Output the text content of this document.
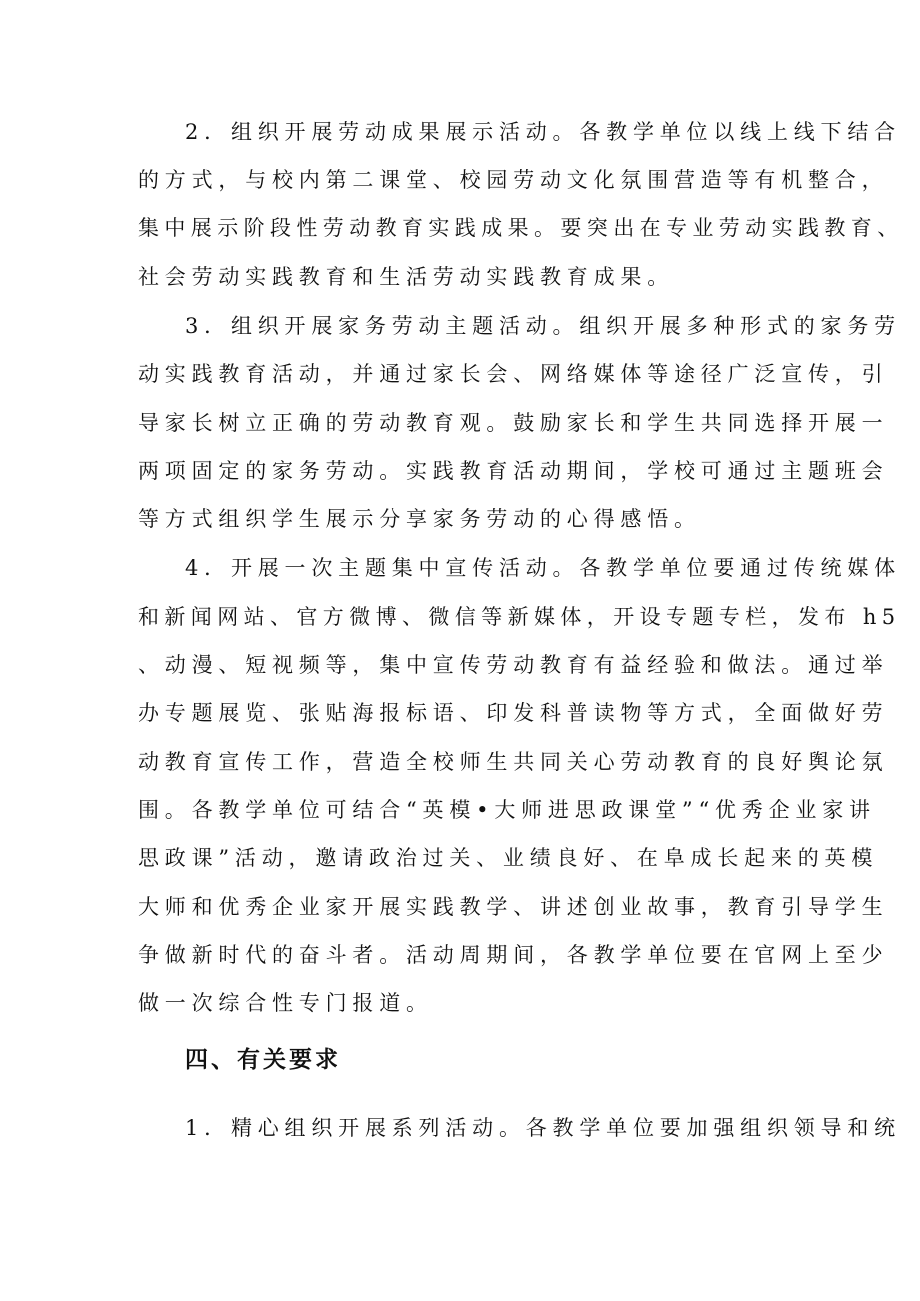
2．组织开展劳动成果展示活动。各教学单位以线上线下结合
的方式，与校内第二课堂、校园劳动文化氛围营造等有机整合，
集中展示阶段性劳动教育实践成果。要突出在专业劳动实践教育、
社会劳动实践教育和生活劳动实践教育成果。
3．组织开展家务劳动主题活动。组织开展多种形式的家务劳
动实践教育活动，并通过家长会、网络媒体等途径广泛宣传，引
导家长树立正确的劳动教育观。鼓励家长和学生共同选择开展一
两项固定的家务劳动。实践教育活动期间，学校可通过主题班会
等方式组织学生展示分享家务劳动的心得感悟。
4．开展一次主题集中宣传活动。各教学单位要通过传统媒体
和新闻网站、官方微博、微信等新媒体，开设专题专栏，发布 h5
、动漫、短视频等，集中宣传劳动教育有益经验和做法。通过举
办专题展览、张贴海报标语、印发科普读物等方式，全面做好劳
动教育宣传工作，营造全校师生共同关心劳动教育的良好舆论氛
围。各教学单位可结合“英模•大师进思政课堂”“优秀企业家讲
思政课”活动，邀请政治过关、业绩良好、在阜成长起来的英模
大师和优秀企业家开展实践教学、讲述创业故事，教育引导学生
争做新时代的奋斗者。活动周期间，各教学单位要在官网上至少
做一次综合性专门报道。
四、有关要求
1．精心组织开展系列活动。各教学单位要加强组织领导和统
